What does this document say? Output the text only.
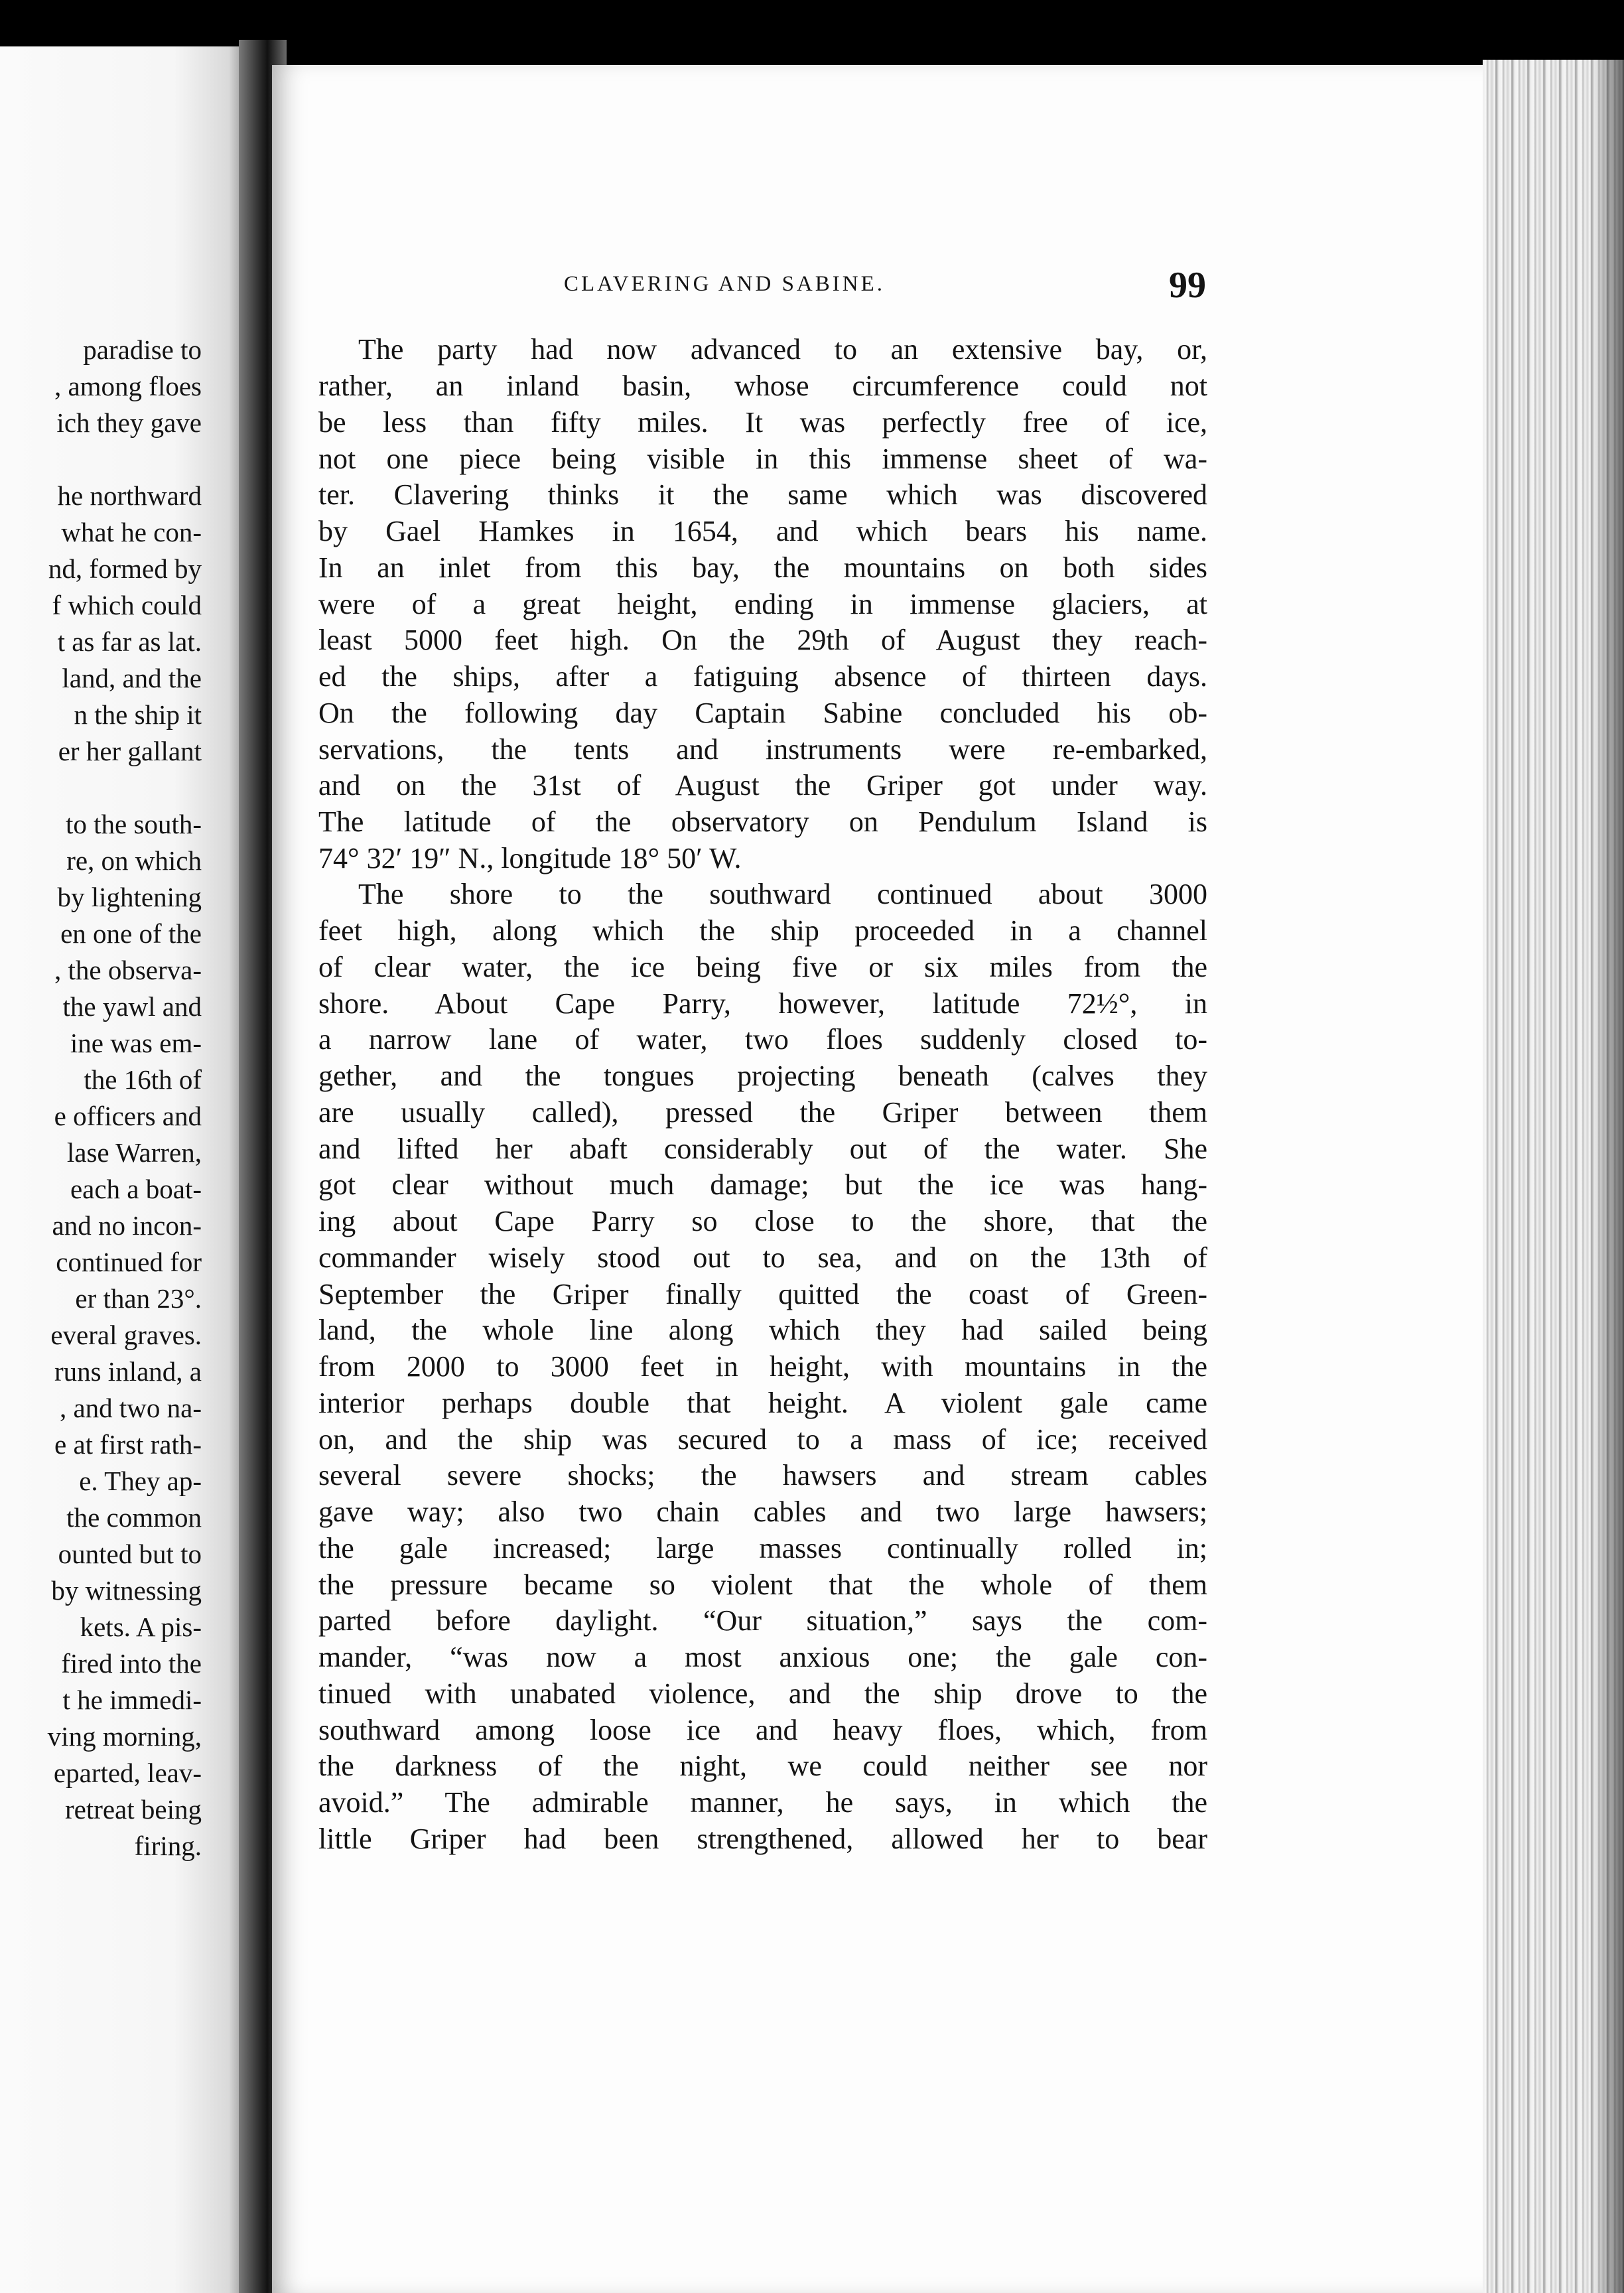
paradise to
, among floes
ich they gave
he northward
what he con-
nd, formed by
f which could
t as far as lat.
land, and the
n the ship it
er her gallant
to the south-
re, on which
by lightening
en one of the
, the observa-
the yawl and
ine was em-
the 16th of
e officers and
lase Warren,
each a boat-
and no incon-
continued for
er than 23°.
everal graves.
runs inland, a
, and two na-
e at first rath-
e. They ap-
the common
ounted but to
by witnessing
kets. A pis-
fired into the
t he immedi-
ving morning,
eparted, leav-
retreat being
firing.
CLAVERING AND SABINE.	99
The party had now advanced to an extensive bay, or,
rather, an inland basin, whose circumference could not
be less than fifty miles. It was perfectly free of ice,
not one piece being visible in this immense sheet of wa-
ter. Clavering thinks it the same which was discovered
by Gael Hamkes in 1654, and which bears his name.
In an inlet from this bay, the mountains on both sides
were of a great height, ending in immense glaciers, at
least 5000 feet high. On the 29th of August they reach-
ed the ships, after a fatiguing absence of thirteen days.
On the following day Captain Sabine concluded his ob-
servations, the tents and instruments were re-embarked,
and on the 31st of August the Griper got under way.
The latitude of the observatory on Pendulum Island is
74° 32′ 19″ N., longitude 18° 50′ W.
The shore to the southward continued about 3000
feet high, along which the ship proceeded in a channel
of clear water, the ice being five or six miles from the
shore. About Cape Parry, however, latitude 72½°, in
a narrow lane of water, two floes suddenly closed to-
gether, and the tongues projecting beneath (calves they
are usually called), pressed the Griper between them
and lifted her abaft considerably out of the water. She
got clear without much damage; but the ice was hang-
ing about Cape Parry so close to the shore, that the
commander wisely stood out to sea, and on the 13th of
September the Griper finally quitted the coast of Green-
land, the whole line along which they had sailed being
from 2000 to 3000 feet in height, with mountains in the
interior perhaps double that height. A violent gale came
on, and the ship was secured to a mass of ice; received
several severe shocks; the hawsers and stream cables
gave way; also two chain cables and two large hawsers;
the gale increased; large masses continually rolled in;
the pressure became so violent that the whole of them
parted before daylight. “Our situation,” says the com-
mander, “was now a most anxious one; the gale con-
tinued with unabated violence, and the ship drove to the
southward among loose ice and heavy floes, which, from
the darkness of the night, we could neither see nor
avoid.” The admirable manner, he says, in which the
little Griper had been strengthened, allowed her to bear
